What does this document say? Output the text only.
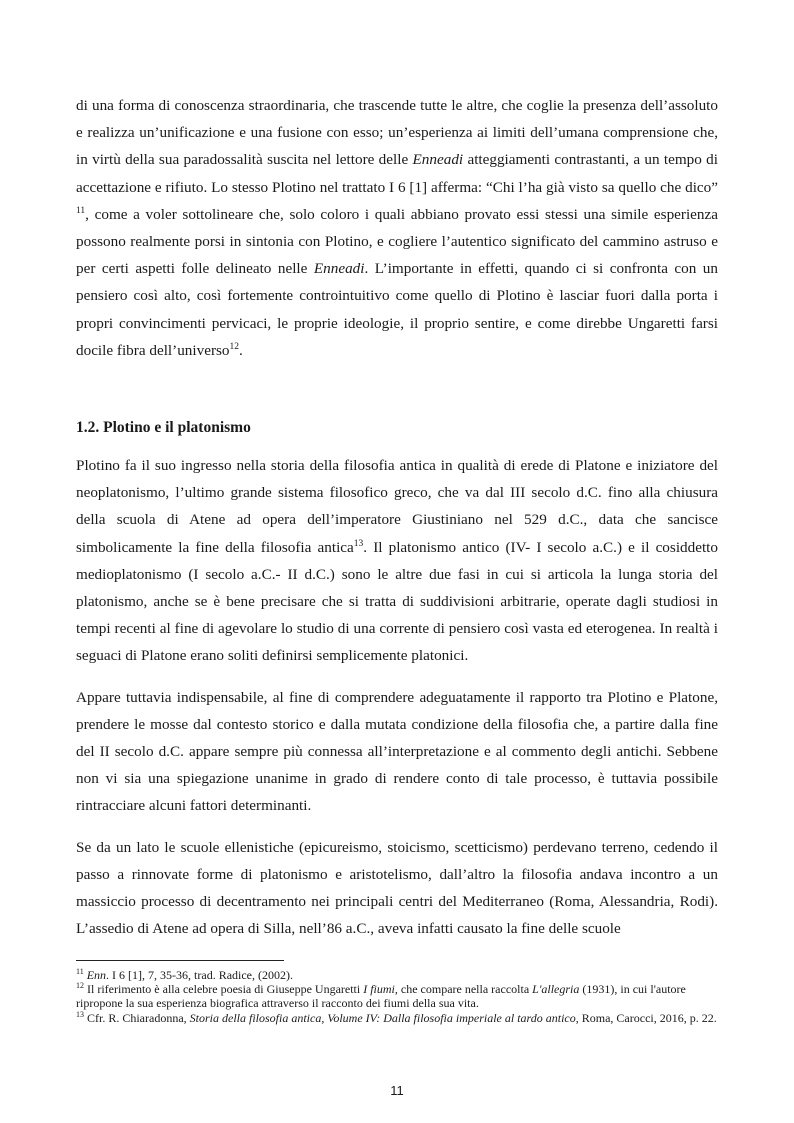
di una forma di conoscenza straordinaria, che trascende tutte le altre, che coglie la presenza dell’assoluto e realizza un’unificazione e una fusione con esso; un’esperienza ai limiti dell’umana comprensione che, in virtù della sua paradossalità suscita nel lettore delle Enneadi atteggiamenti contrastanti, a un tempo di accettazione e rifiuto. Lo stesso Plotino nel trattato I 6 [1] afferma: “Chi l’ha già visto sa quello che dico” $^{11}$, come a voler sottolineare che, solo coloro i quali abbiano provato essi stessi una simile esperienza possono realmente porsi in sintonia con Plotino, e cogliere l’autentico significato del cammino astruso e per certi aspetti folle delineato nelle Enneadi. L’importante in effetti, quando ci si confronta con un pensiero così alto, così fortemente controintuitivo come quello di Plotino è lasciar fuori dalla porta i propri convincimenti pervicaci, le proprie ideologie, il proprio sentire, e come direbbe Ungaretti farsi docile fibra dell’universo$^{12}$.

1.2. Plotino e il platonismo

Plotino fa il suo ingresso nella storia della filosofia antica in qualità di erede di Platone e iniziatore del neoplatonismo, l’ultimo grande sistema filosofico greco, che va dal III secolo d.C. fino alla chiusura della scuola di Atene ad opera dell’imperatore Giustiniano nel 529 d.C., data che sancisce simbolicamente la fine della filosofia antica$^{13}$. Il platonismo antico (IV- I secolo a.C.) e il cosiddetto medioplatonismo (I secolo a.C.- II d.C.) sono le altre due fasi in cui si articola la lunga storia del platonismo, anche se è bene precisare che si tratta di suddivisioni arbitrarie, operate dagli studiosi in tempi recenti al fine di agevolare lo studio di una corrente di pensiero così vasta ed eterogenea. In realtà i seguaci di Platone erano soliti definirsi semplicemente platonici.

Appare tuttavia indispensabile, al fine di comprendere adeguatamente il rapporto tra Plotino e Platone, prendere le mosse dal contesto storico e dalla mutata condizione della filosofia che, a partire dalla fine del II secolo d.C. appare sempre più connessa all’interpretazione e al commento degli antichi. Sebbene non vi sia una spiegazione unanime in grado di rendere conto di tale processo, è tuttavia possibile rintracciare alcuni fattori determinanti.

Se da un lato le scuole ellenistiche (epicureismo, stoicismo, scetticismo) perdevano terreno, cedendo il passo a rinnovate forme di platonismo e aristotelismo, dall’altro la filosofia andava incontro a un massiccio processo di decentramento nei principali centri del Mediterraneo (Roma, Alessandria, Rodi). L’assedio di Atene ad opera di Silla, nell’86 a.C., aveva infatti causato la fine delle scuole

$^{11}$ Enn. I 6 [1], 7, 35-36, trad. Radice, (2002).

$^{12}$ Il riferimento è alla celebre poesia di Giuseppe Ungaretti I fiumi, che compare nella raccolta L'allegria (1931), in cui l'autore ripropone la sua esperienza biografica attraverso il racconto dei fiumi della sua vita.

$^{13}$ Cfr. R. Chiaradonna, Storia della filosofia antica, Volume IV: Dalla filosofia imperiale al tardo antico, Roma, Carocci, 2016, p. 22.

11
